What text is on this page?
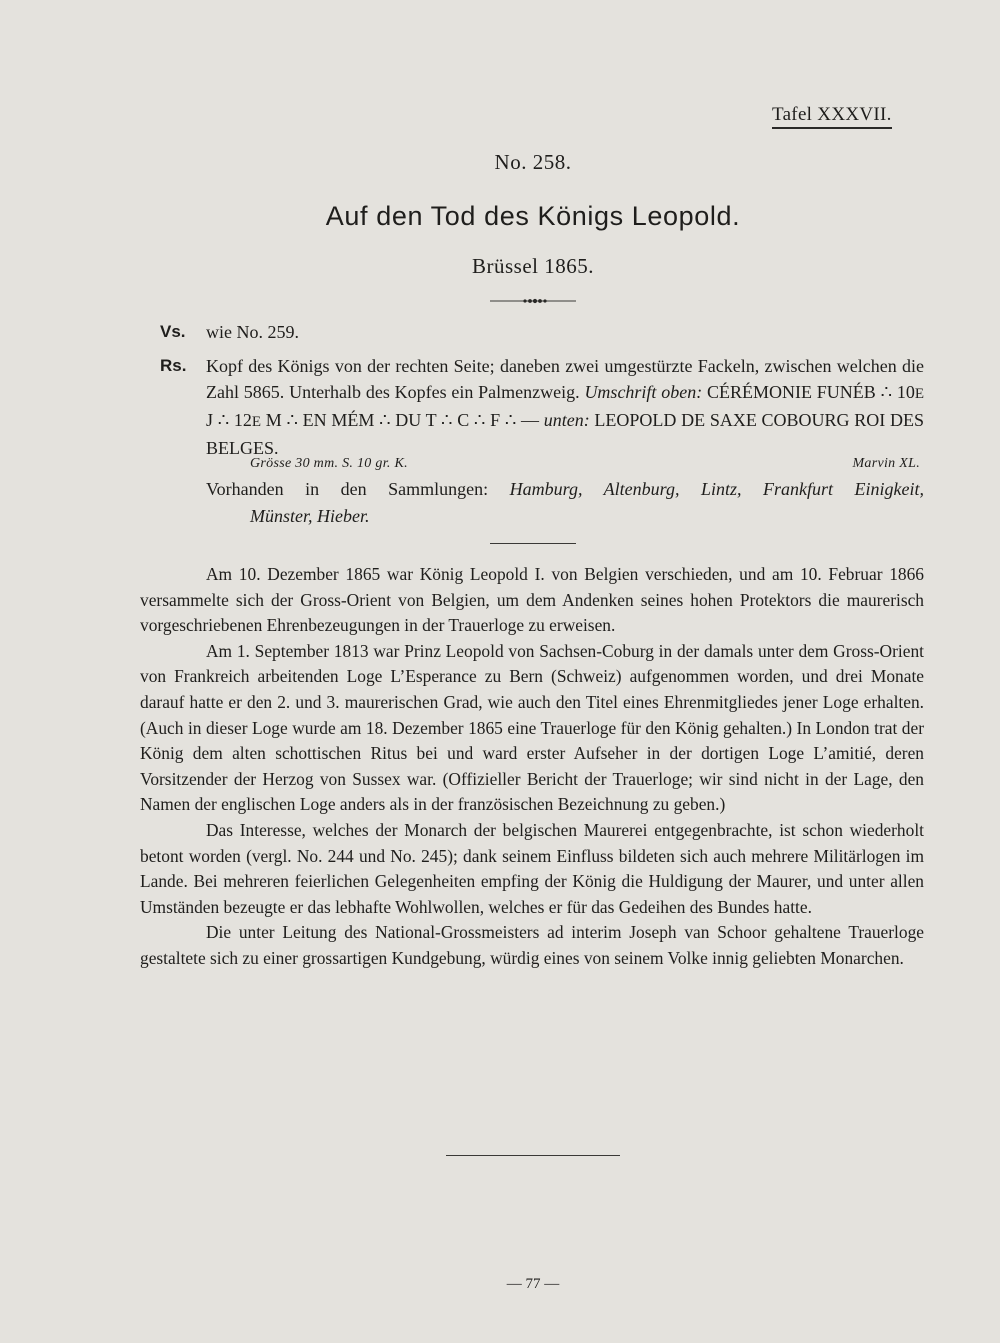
Tafel XXXVII.
No. 258.
Auf den Tod des Königs Leopold.
Brüssel 1865.
Vs. wie No. 259.
Rs. Kopf des Königs von der rechten Seite; daneben zwei umgestürzte Fackeln, zwischen welchen die Zahl 5865. Unterhalb des Kopfes ein Palmenzweig. Umschrift oben: CÉRÉMONIE FUNÉB ∴ 10E J ∴ 12E M ∴ EN MÉM ∴ DU T ∴ C ∴ F ∴ — unten: LEOPOLD DE SAXE COBOURG ROI DES BELGES.
Grösse 30 mm. S. 10 gr. K.	Marvin XL.
Vorhanden in den Sammlungen: Hamburg, Altenburg, Lintz, Frankfurt Einigkeit,
Münster, Hieber.

Am 10. Dezember 1865 war König Leopold I. von Belgien verschieden, und am 10. Februar 1866 versammelte sich der Gross-Orient von Belgien, um dem Andenken seines hohen Protektors die maurerisch vorgeschriebenen Ehrenbezeugungen in der Trauerloge zu erweisen.

Am 1. September 1813 war Prinz Leopold von Sachsen-Coburg in der damals unter dem Gross-Orient von Frankreich arbeitenden Loge L’Esperance zu Bern (Schweiz) aufgenommen worden, und drei Monate darauf hatte er den 2. und 3. maurerischen Grad, wie auch den Titel eines Ehrenmitgliedes jener Loge erhalten. (Auch in dieser Loge wurde am 18. Dezember 1865 eine Trauerloge für den König gehalten.) In London trat der König dem alten schottischen Ritus bei und ward erster Aufseher in der dortigen Loge L’amitié, deren Vorsitzender der Herzog von Sussex war. (Offizieller Bericht der Trauerloge; wir sind nicht in der Lage, den Namen der englischen Loge anders als in der französischen Bezeichnung zu geben.)

Das Interesse, welches der Monarch der belgischen Maurerei entgegenbrachte, ist schon wiederholt betont worden (vergl. No. 244 und No. 245); dank seinem Einfluss bildeten sich auch mehrere Militärlogen im Lande. Bei mehreren feierlichen Gelegenheiten empfing der König die Huldigung der Maurer, und unter allen Umständen bezeugte er das lebhafte Wohlwollen, welches er für das Gedeihen des Bundes hatte.

Die unter Leitung des National-Grossmeisters ad interim Joseph van Schoor gehaltene Trauerloge gestaltete sich zu einer grossartigen Kundgebung, würdig eines von seinem Volke innig geliebten Monarchen.

— 77 —
